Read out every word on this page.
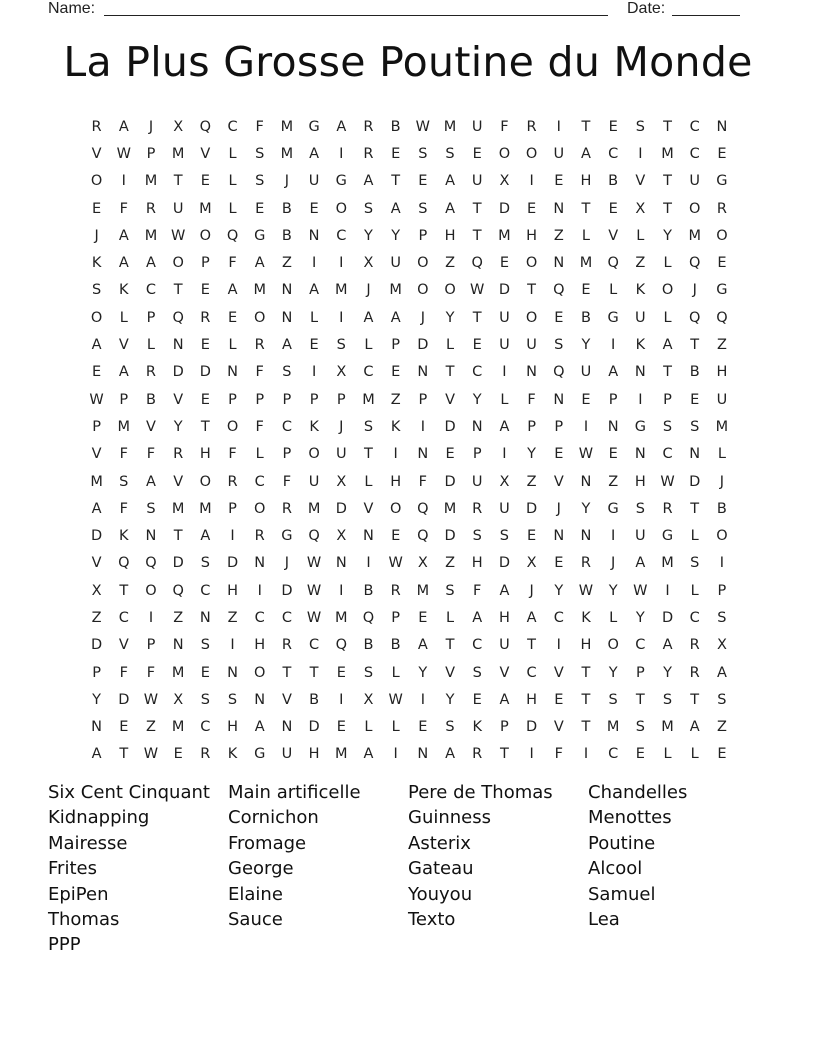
Name:	Date:
La Plus Grosse Poutine du Monde
R	A	J	X	Q	C	F	M	G	A	R	B	W M	U	F	R	I	T	E	S	T	C	N
V	W	P	M	V	L	S	M	A	I	R	E	S	S	E	O	O	U	A	C	I	M	C	E
O	I	M	T	E	L	S	J	U	G	A	T	E	A	U	X	I	E	H	B	V	T	U	G
E	F	R	U	M	L	E	B	E	O	S	A	S	A	T	D	E	N	T	E	X	T	O	R
J	A	M W O	Q	G	B	N	C	Y	Y	P	H	T	M	H	Z	L	V	L	Y	M	O
K	A	A	O	P	F	A	Z	I	I	X	U	O	Z	Q	E	O	N	M	Q	Z	L	Q	E
S	K	C	T	E	A	M	N	A	M	J	M	O	O W D	T	Q	E	L	K	O	J	G
O	L	P	Q	R	E	O	N	L	I	A	A	J	Y	T	U	O	E	B	G	U	L	Q	Q
A	V	L	N	E	L	R	A	E	S	L	P	D	L	E	U	U	S	Y	I	K	A	T	Z
E	A	R	D	D	N	F	S	I	X	C	E	N	T	C	I	N	Q	U	A	N	T	B	H
W	P	B	V	E	P	P	P	P	P	M	Z	P	V	Y	L	F	N	E	P	I	P	E	U
P	M	V	Y	T	O	F	C	K	J	S	K	I	D	N	A	P	P	I	N	G	S	S	M
V	F	F	R	H	F	L	P	O	U	T	I	N	E	P	I	Y	E	W	E	N	C	N	L
M	S	A	V	O	R	C	F	U	X	L	H	F	D	U	X	Z	V	N	Z	H	W D	J
A	F	S	M	M	P	O	R	M	D	V	O	Q	M	R	U	D	J	Y	G	S	R	T	B
D	K	N	T	A	I	R	G	Q	X	N	E	Q	D	S	S	E	N	N	I	U	G	L	O
V	Q	Q	D	S	D	N	J	W	N	I	W	X	Z	H	D	X	E	R	J	A	M	S	I
X	T	O	Q	C	H	I	D W	I	B	R	M	S	F	A	J	Y	W	Y	W	I	L	P
Z	C	I	Z	N	Z	C	C	W M	Q	P	E	L	A	H	A	C	K	L	Y	D	C	S
D	V	P	N	S	I	H	R	C	Q	B	B	A	T	C	U	T	I	H	O	C	A	R	X
P	F	F	M	E	N	O	T	T	E	S	L	Y	V	S	V	C	V	T	Y	P	Y	R	A
Y	D W	X	S	S	N	V	B	I	X	W	I	Y	E	A	H	E	T	S	T	S	T	S
N	E	Z	M	C	H	A	N	D	E	L	L	E	S	K	P	D	V	T	M	S	M	A	Z
A	T	W	E	R	K	G	U	H	M	A	I	N	A	R	T	I	F	I	C	E	L	L	E
Six Cent Cinquant	Main artificelle	Pere de Thomas	Chandelles
Kidnapping	Cornichon	Guinness	Menottes
Mairesse	Fromage	Asterix	Poutine
Frites	George	Gateau	Alcool
EpiPen	Elaine	Youyou	Samuel
Thomas	Sauce	Texto	Lea
PPP
